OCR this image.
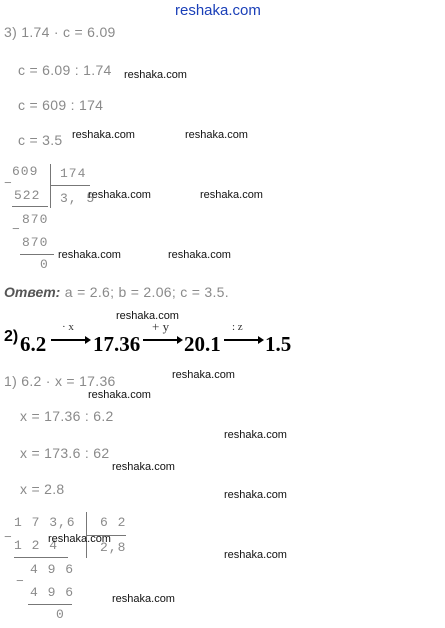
reshaka.com
3) 1.74 · c = 6.09
c = 6.09 : 1.74 reshaka.com
c = 609 : 174
c = 3.5 reshaka.com	reshaka.com
−
609 174
522 3, 5
reshaka.com	reshaka.com
−
870
870
reshaka.com	reshaka.com
0
Ответ: a = 2.6; b = 2.06; c = 3.5.
reshaka.com
2) 6.2
· x
17.36
+ y
20.1
: z
1.5
reshaka.com
1) 6.2 · x = 17.36
reshaka.com
x = 17.36 : 6.2
reshaka.com
x = 173.6 : 62
reshaka.com
x = 2.8	reshaka.com
−
1 7 3,6 6 2
1 2 4
reshaka.com
2,8	reshaka.com
−
4 9 6
4 9 6	reshaka.com
0
